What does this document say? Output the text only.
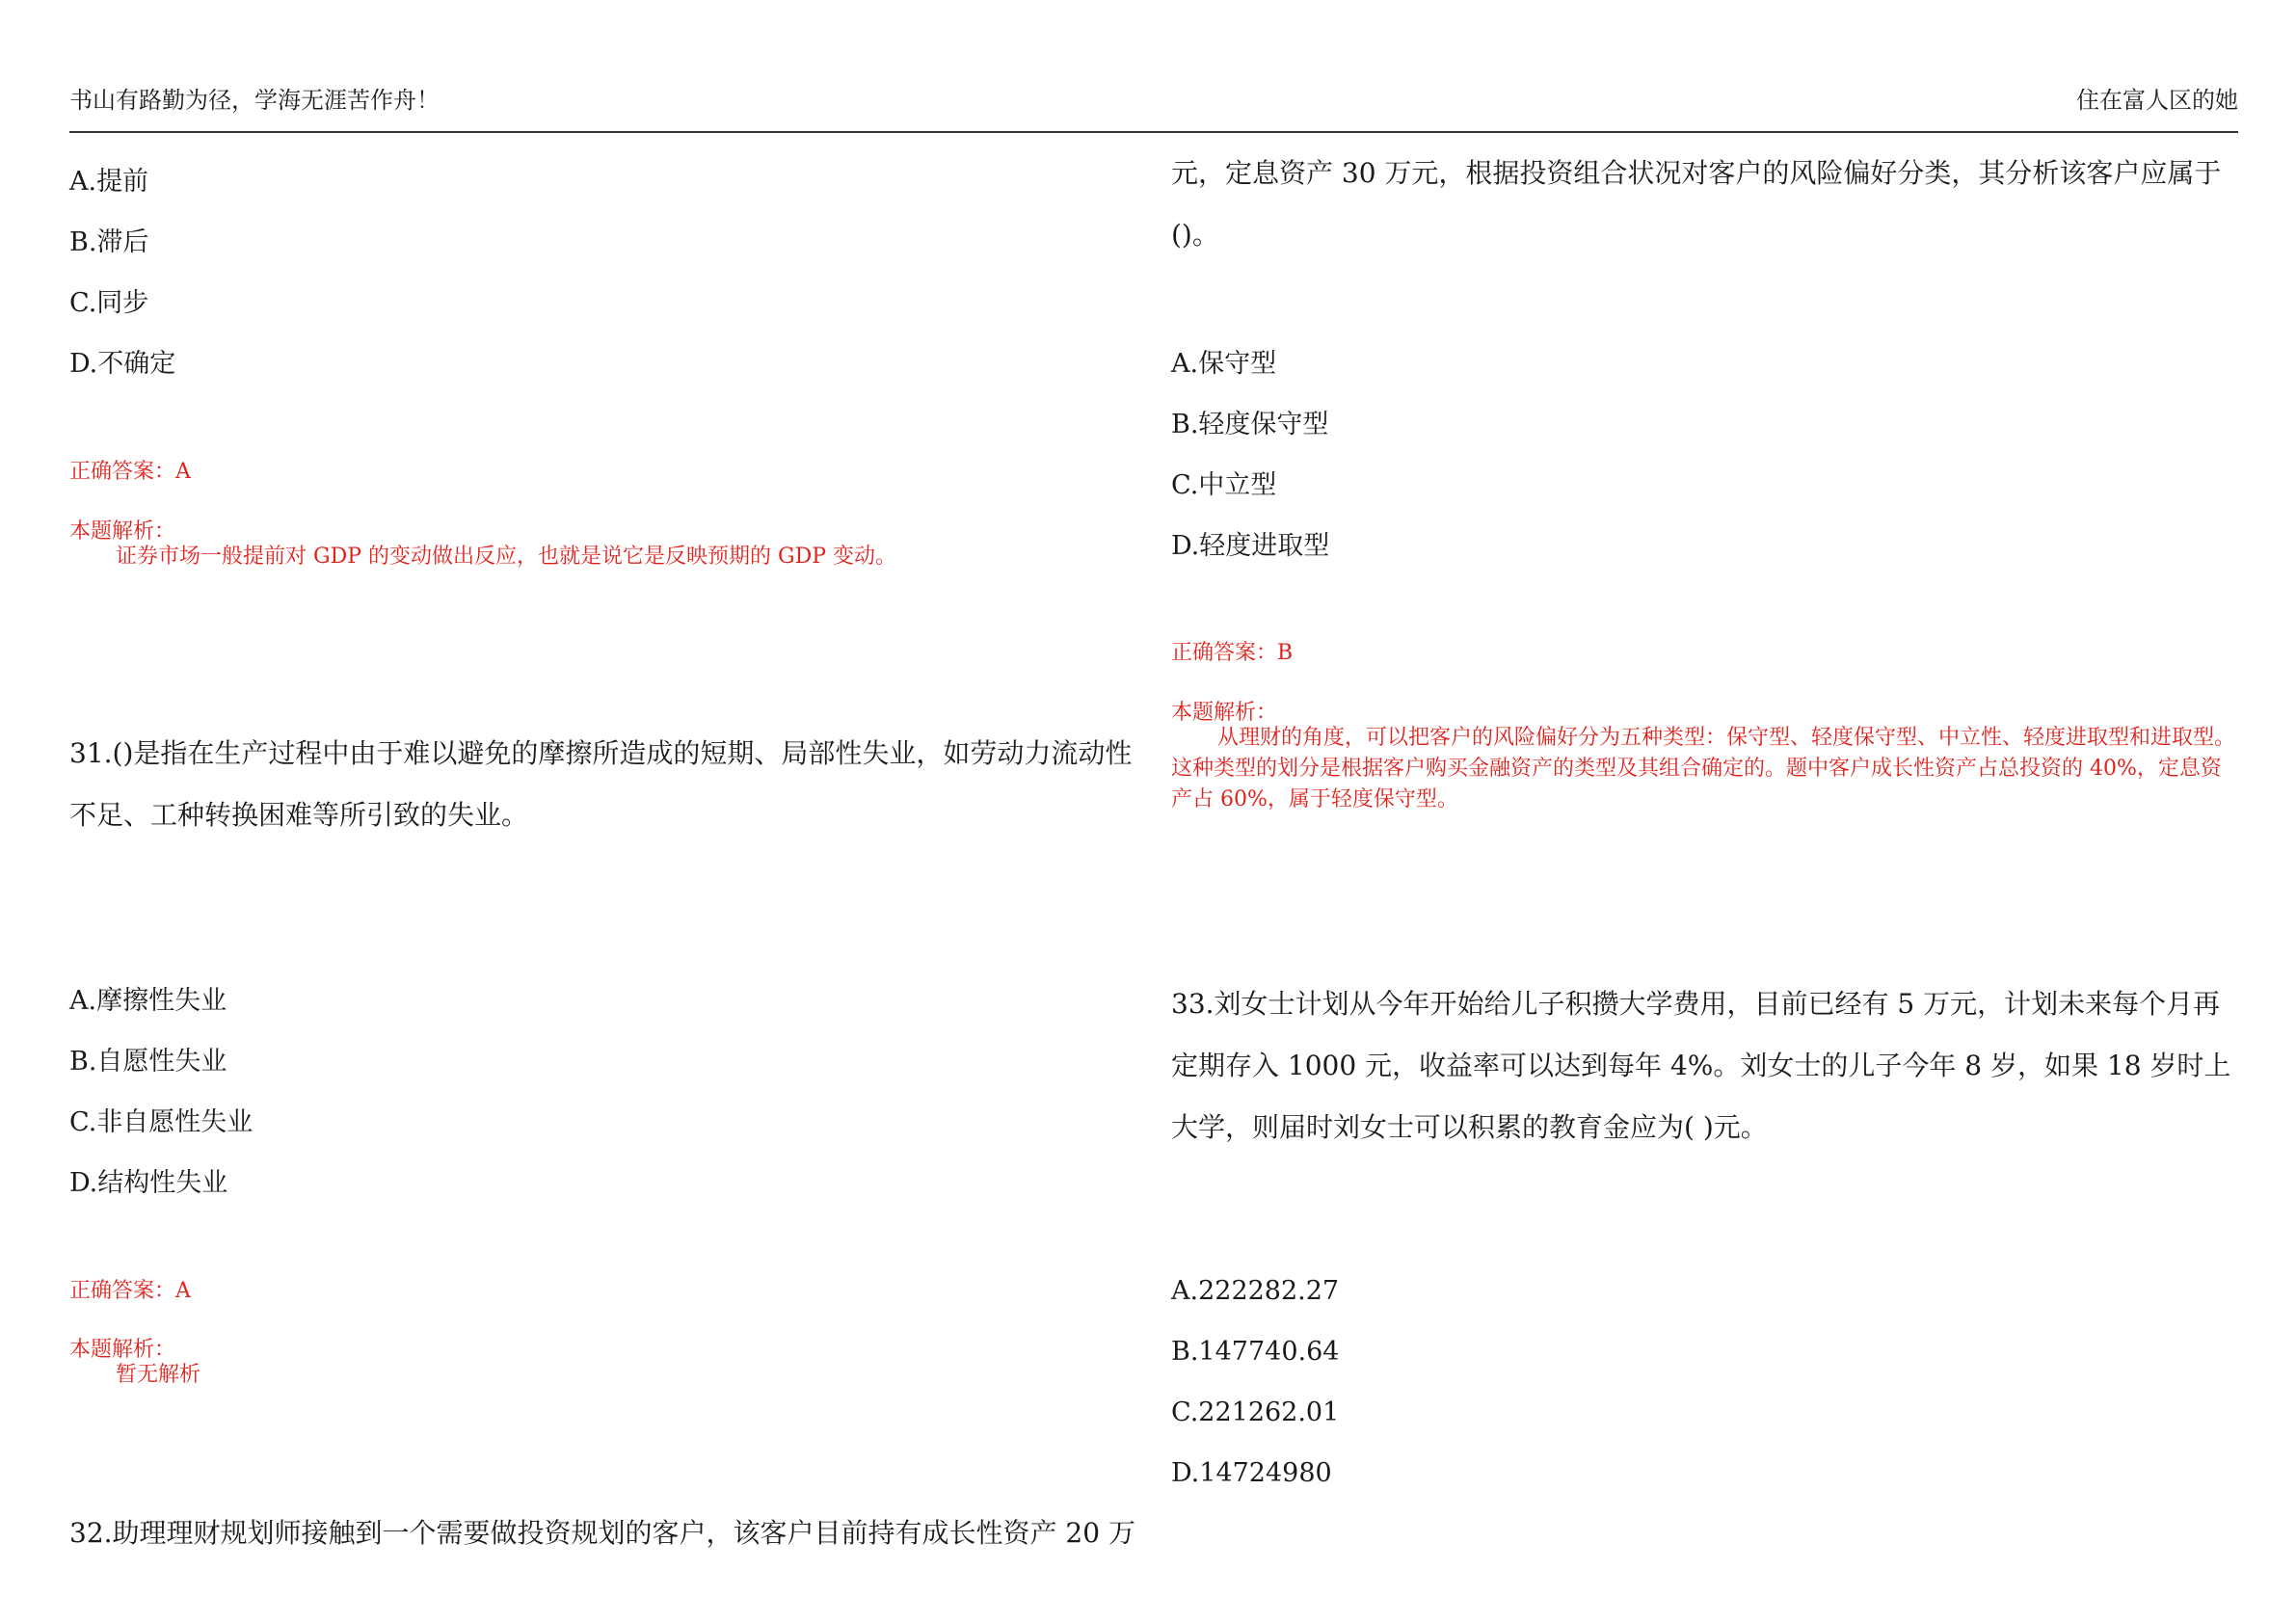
书山有路勤为径，学海无涯苦作舟！	住在富人区的她
A.提前
B.滞后
C.同步
D.不确定
正确答案：A
本题解析：
证券市场一般提前对 GDP 的变动做出反应，也就是说它是反映预期的 GDP 变动。
31.()是指在生产过程中由于难以避免的摩擦所造成的短期、局部性失业，如劳动力流动性不足、工种转换困难等所引致的失业。
A.摩擦性失业
B.自愿性失业
C.非自愿性失业
D.结构性失业
正确答案：A
本题解析：
暂无解析
32.助理理财规划师接触到一个需要做投资规划的客户，该客户目前持有成长性资产 20 万
元，定息资产 30 万元，根据投资组合状况对客户的风险偏好分类，其分析该客户应属于()。
A.保守型
B.轻度保守型
C.中立型
D.轻度进取型
正确答案：B
本题解析：
从理财的角度，可以把客户的风险偏好分为五种类型：保守型、轻度保守型、中立性、轻度进取型和进取型。这种类型的划分是根据客户购买金融资产的类型及其组合确定的。题中客户成长性资产占总投资的 40%，定息资产占 60%，属于轻度保守型。
33.刘女士计划从今年开始给儿子积攒大学费用，目前已经有 5 万元，计划未来每个月再定期存入 1000 元，收益率可以达到每年 4%。刘女士的儿子今年 8 岁，如果 18 岁时上大学，则届时刘女士可以积累的教育金应为( )元。
A.222282.27
B.147740.64
C.221262.01
D.14724980
